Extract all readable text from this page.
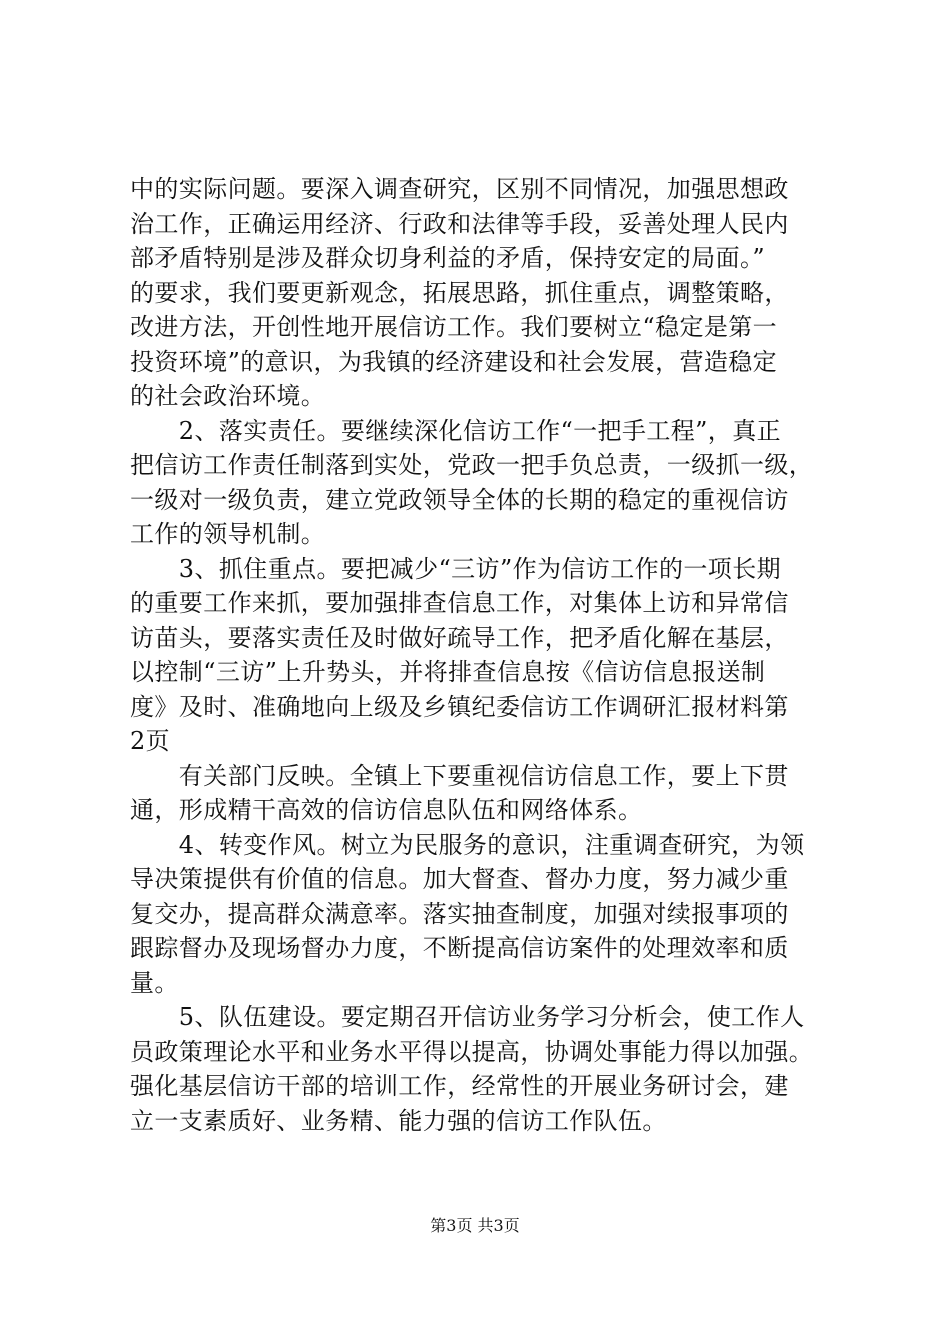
中的实际问题。要深入调查研究，区别不同情况，加强思想政
治工作，正确运用经济、行政和法律等手段，妥善处理人民内
部矛盾特别是涉及群众切身利益的矛盾，保持安定的局面。”
的要求，我们要更新观念，拓展思路，抓住重点，调整策略，
改进方法，开创性地开展信访工作。我们要树立“稳定是第一
投资环境”的意识，为我镇的经济建设和社会发展，营造稳定
的社会政治环境。
　　2、落实责任。要继续深化信访工作“一把手工程”，真正
把信访工作责任制落到实处，党政一把手负总责，一级抓一级，
一级对一级负责，建立党政领导全体的长期的稳定的重视信访
工作的领导机制。
　　3、抓住重点。要把减少“三访”作为信访工作的一项长期
的重要工作来抓，要加强排查信息工作，对集体上访和异常信
访苗头，要落实责任及时做好疏导工作，把矛盾化解在基层，
以控制“三访”上升势头，并将排查信息按《信访信息报送制
度》及时、准确地向上级及乡镇纪委信访工作调研汇报材料第
2页
　　有关部门反映。全镇上下要重视信访信息工作，要上下贯
通，形成精干高效的信访信息队伍和网络体系。
　　4、转变作风。树立为民服务的意识，注重调查研究，为领
导决策提供有价值的信息。加大督查、督办力度，努力减少重
复交办，提高群众满意率。落实抽查制度，加强对续报事项的
跟踪督办及现场督办力度，不断提高信访案件的处理效率和质
量。
　　5、队伍建设。要定期召开信访业务学习分析会，使工作人
员政策理论水平和业务水平得以提高，协调处事能力得以加强。
强化基层信访干部的培训工作，经常性的开展业务研讨会，建
立一支素质好、业务精、能力强的信访工作队伍。
第3页 共3页
